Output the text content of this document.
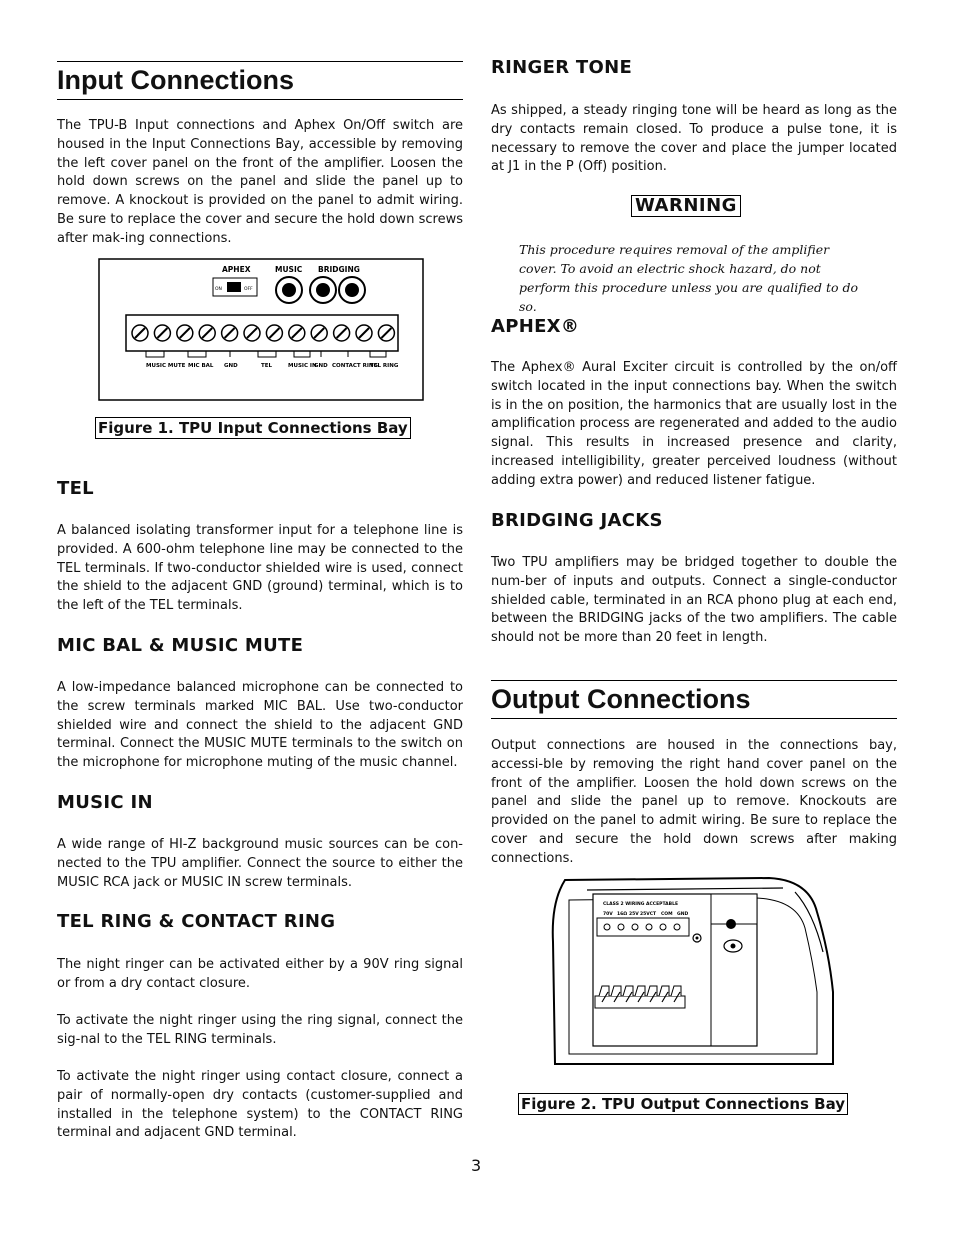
Input Connections

The TPU-B Input connections and Aphex On/Off switch are housed in the Input Connections Bay, accessible by removing the left cover panel on the front of the amplifier. Loosen the hold down screws on the panel and slide the panel up to remove. A knockout is provided on the panel to admit wiring. Be sure to replace the cover and secure the hold down screws after mak-ing connections.

APHEX	MUSIC BRIDGING
ON	OFF
MUSIC MUTE MIC BAL GND	TEL	MUSIC IN
GND CONTACT RING
TEL RING
Figure 1. TPU Input Connections Bay
TEL

A balanced isolating transformer input for a telephone line is provided. A 600-ohm telephone line may be connected to the TEL terminals. If two-conductor shielded wire is used, connect the shield to the adjacent GND (ground) terminal, which is to the left of the TEL terminals.

MIC BAL & MUSIC MUTE

A low-impedance balanced microphone can be connected to the screw terminals marked MIC BAL. Use two-conductor shielded wire and connect the shield to the adjacent GND terminal. Connect the MUSIC MUTE terminals to the switch on the microphone for microphone muting of the music channel.

MUSIC IN

A wide range of HI-Z background music sources can be con-nected to the TPU amplifier. Connect the source to either the MUSIC RCA jack or MUSIC IN screw terminals.

TEL RING & CONTACT RING

The night ringer can be activated either by a 90V ring signal or from a dry contact closure.

To activate the night ringer using the ring signal, connect the sig-nal to the TEL RING terminals.

To activate the night ringer using contact closure, connect a pair of normally-open dry contacts (customer-supplied and installed in the telephone system) to the CONTACT RING terminal and adjacent GND terminal.

RINGER TONE

As shipped, a steady ringing tone will be heard as long as the dry contacts remain closed. To produce a pulse tone, it is necessary to remove the cover and place the jumper located at J1 in the P (Off) position.

WARNING

This procedure requires removal of the amplifier cover. To avoid an electric shock hazard, do not perform this procedure unless you are qualified to do so.

APHEX®

The Aphex® Aural Exciter circuit is controlled by the on/off switch located in the input connections bay. When the switch is in the on position, the harmonics that are usually lost in the amplification process are regenerated and added to the audio signal. This results in increased presence and clarity, increased intelligibility, greater perceived loudness (without adding extra power) and reduced listener fatigue.

BRIDGING JACKS

Two TPU amplifiers may be bridged together to double the num-ber of inputs and outputs. Connect a single-conductor shielded cable, terminated in an RCA phono plug at each end, between the BRIDGING jacks of the two amplifiers. The cable should not be more than 20 feet in length.

Output Connections

Output connections are housed in the connections bay, accessi-ble by removing the right hand cover panel on the front of the amplifier. Loosen the hold down screws on the panel and slide the panel up to remove. Knockouts are provided on the panel to admit wiring. Be sure to replace the cover and secure the hold down screws after making connections.

CLASS 2 WIRING ACCEPTABLE
70V 16Ω 25V 25VCT COM GND
Figure 2. TPU Output Connections Bay
3
